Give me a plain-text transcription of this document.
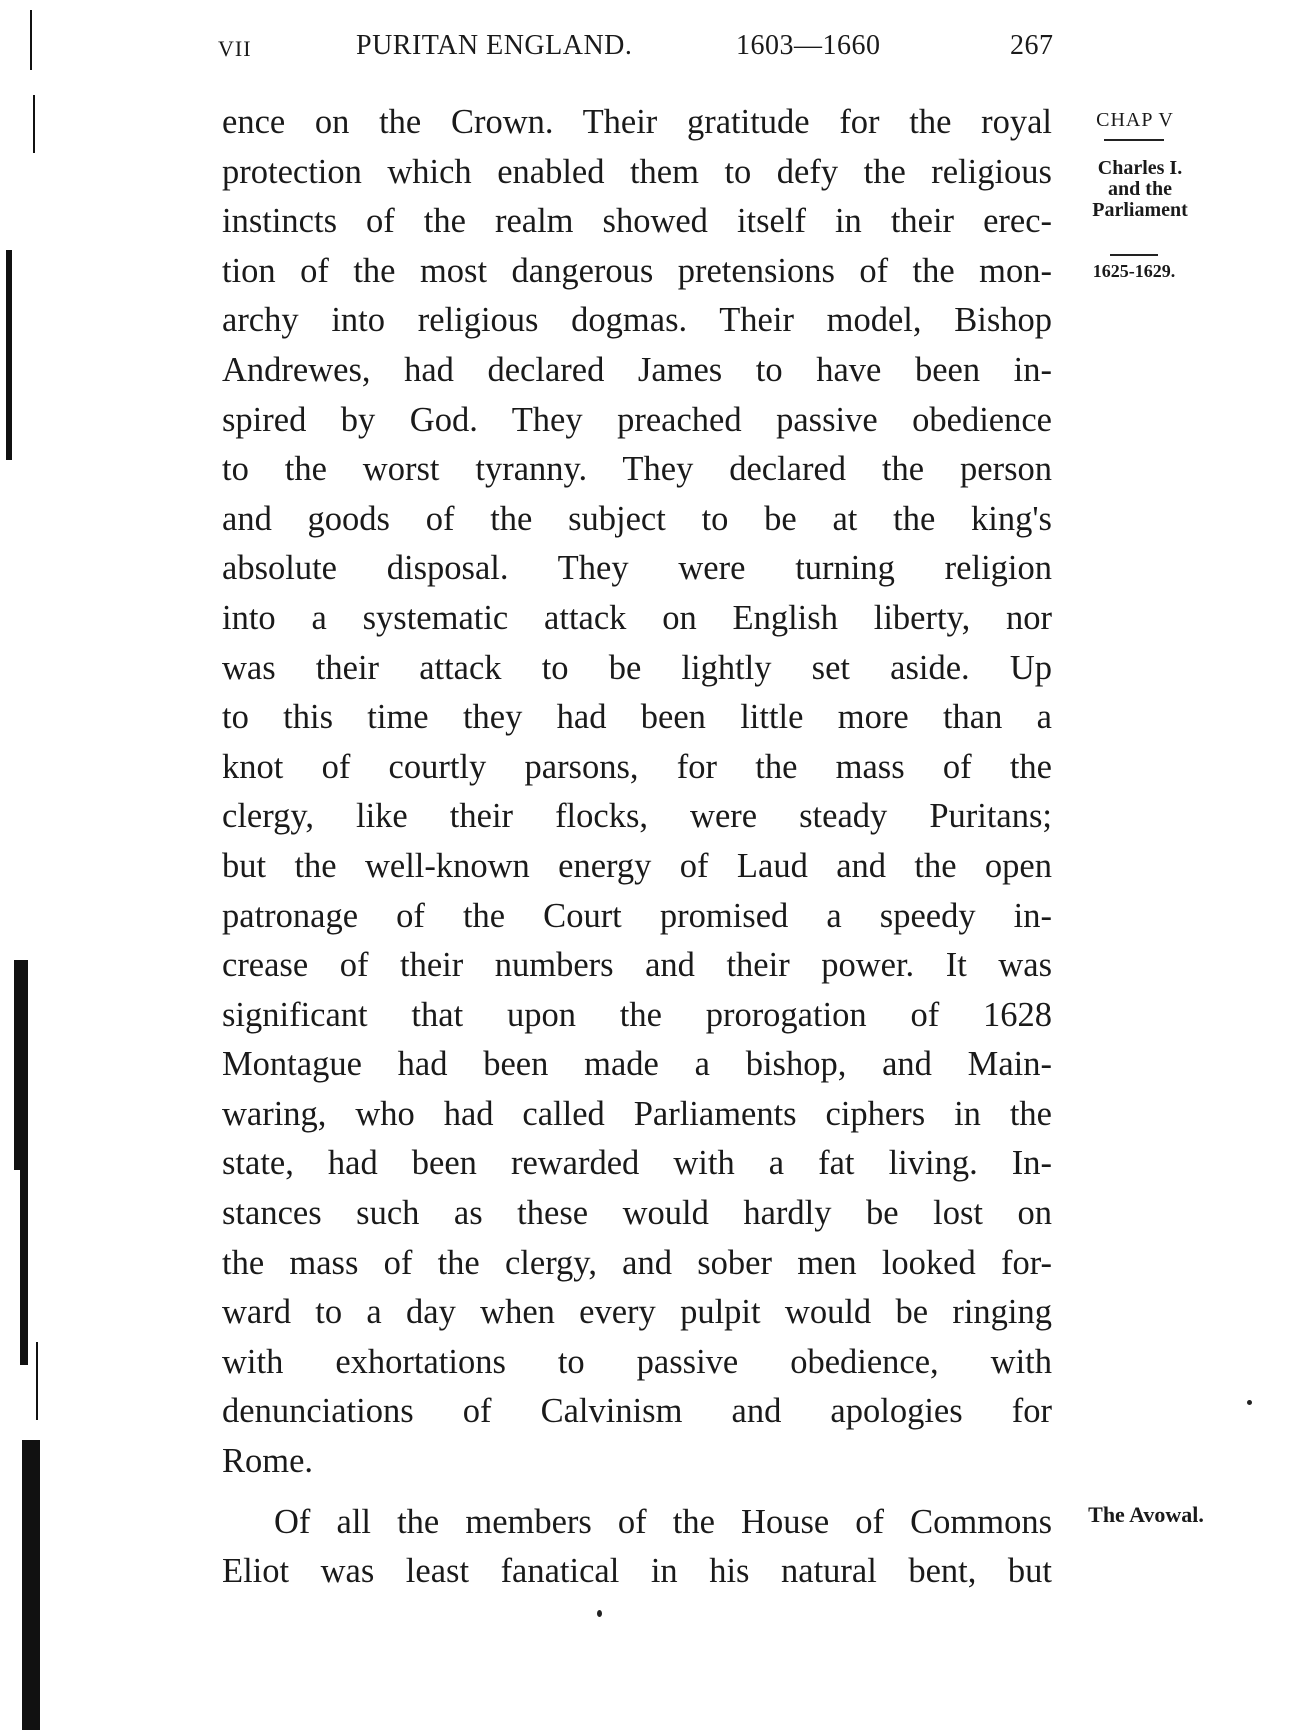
VII	PURITAN ENGLAND.	1603—1660	267
ence on the Crown. Their gratitude for the royal
protection which enabled them to defy the religious
instincts of the realm showed itself in their erec-
tion of the most dangerous pretensions of the mon-
archy into religious dogmas. Their model, Bishop
Andrewes, had declared James to have been in-
spired by God. They preached passive obedience
to the worst tyranny. They declared the person
and goods of the subject to be at the king's
absolute disposal. They were turning religion
into a systematic attack on English liberty, nor
was their attack to be lightly set aside. Up
to this time they had been little more than a
knot of courtly parsons, for the mass of the
clergy, like their flocks, were steady Puritans;
but the well-known energy of Laud and the open
patronage of the Court promised a speedy in-
crease of their numbers and their power. It was
significant that upon the prorogation of 1628
Montague had been made a bishop, and Main-
waring, who had called Parliaments ciphers in the
state, had been rewarded with a fat living. In-
stances such as these would hardly be lost on
the mass of the clergy, and sober men looked for-
ward to a day when every pulpit would be ringing
with exhortations to passive obedience, with
denunciations of Calvinism and apologies for
Rome.
Of all the members of the House of Commons
Eliot was least fanatical in his natural bent, but
CHAP V
Charles I.
and the
Parliament
1625-1629.
The Avowal.
